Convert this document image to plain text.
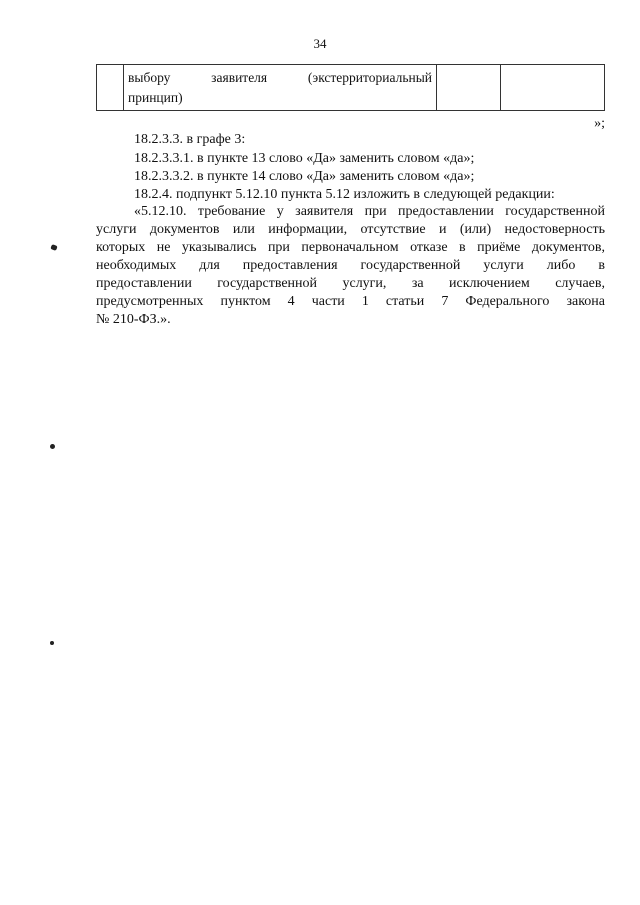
34
выбору	заявителя	(экстерриториальный
принцип)
»;
18.2.3.3. в графе 3:
18.2.3.3.1. в пункте 13 слово «Да» заменить словом «да»;
18.2.3.3.2. в пункте 14 слово «Да» заменить словом «да»;
18.2.4. подпункт 5.12.10 пункта 5.12 изложить в следующей редакции:
«5.12.10. требование у заявителя при предоставлении государственной
услуги документов или информации, отсутствие и (или) недостоверность
которых не указывались при первоначальном отказе в приёме документов,
необходимых для предоставления государственной услуги либо в
предоставлении государственной услуги, за исключением случаев,
предусмотренных пунктом 4 части 1 статьи 7 Федерального закона
№ 210-ФЗ.».
